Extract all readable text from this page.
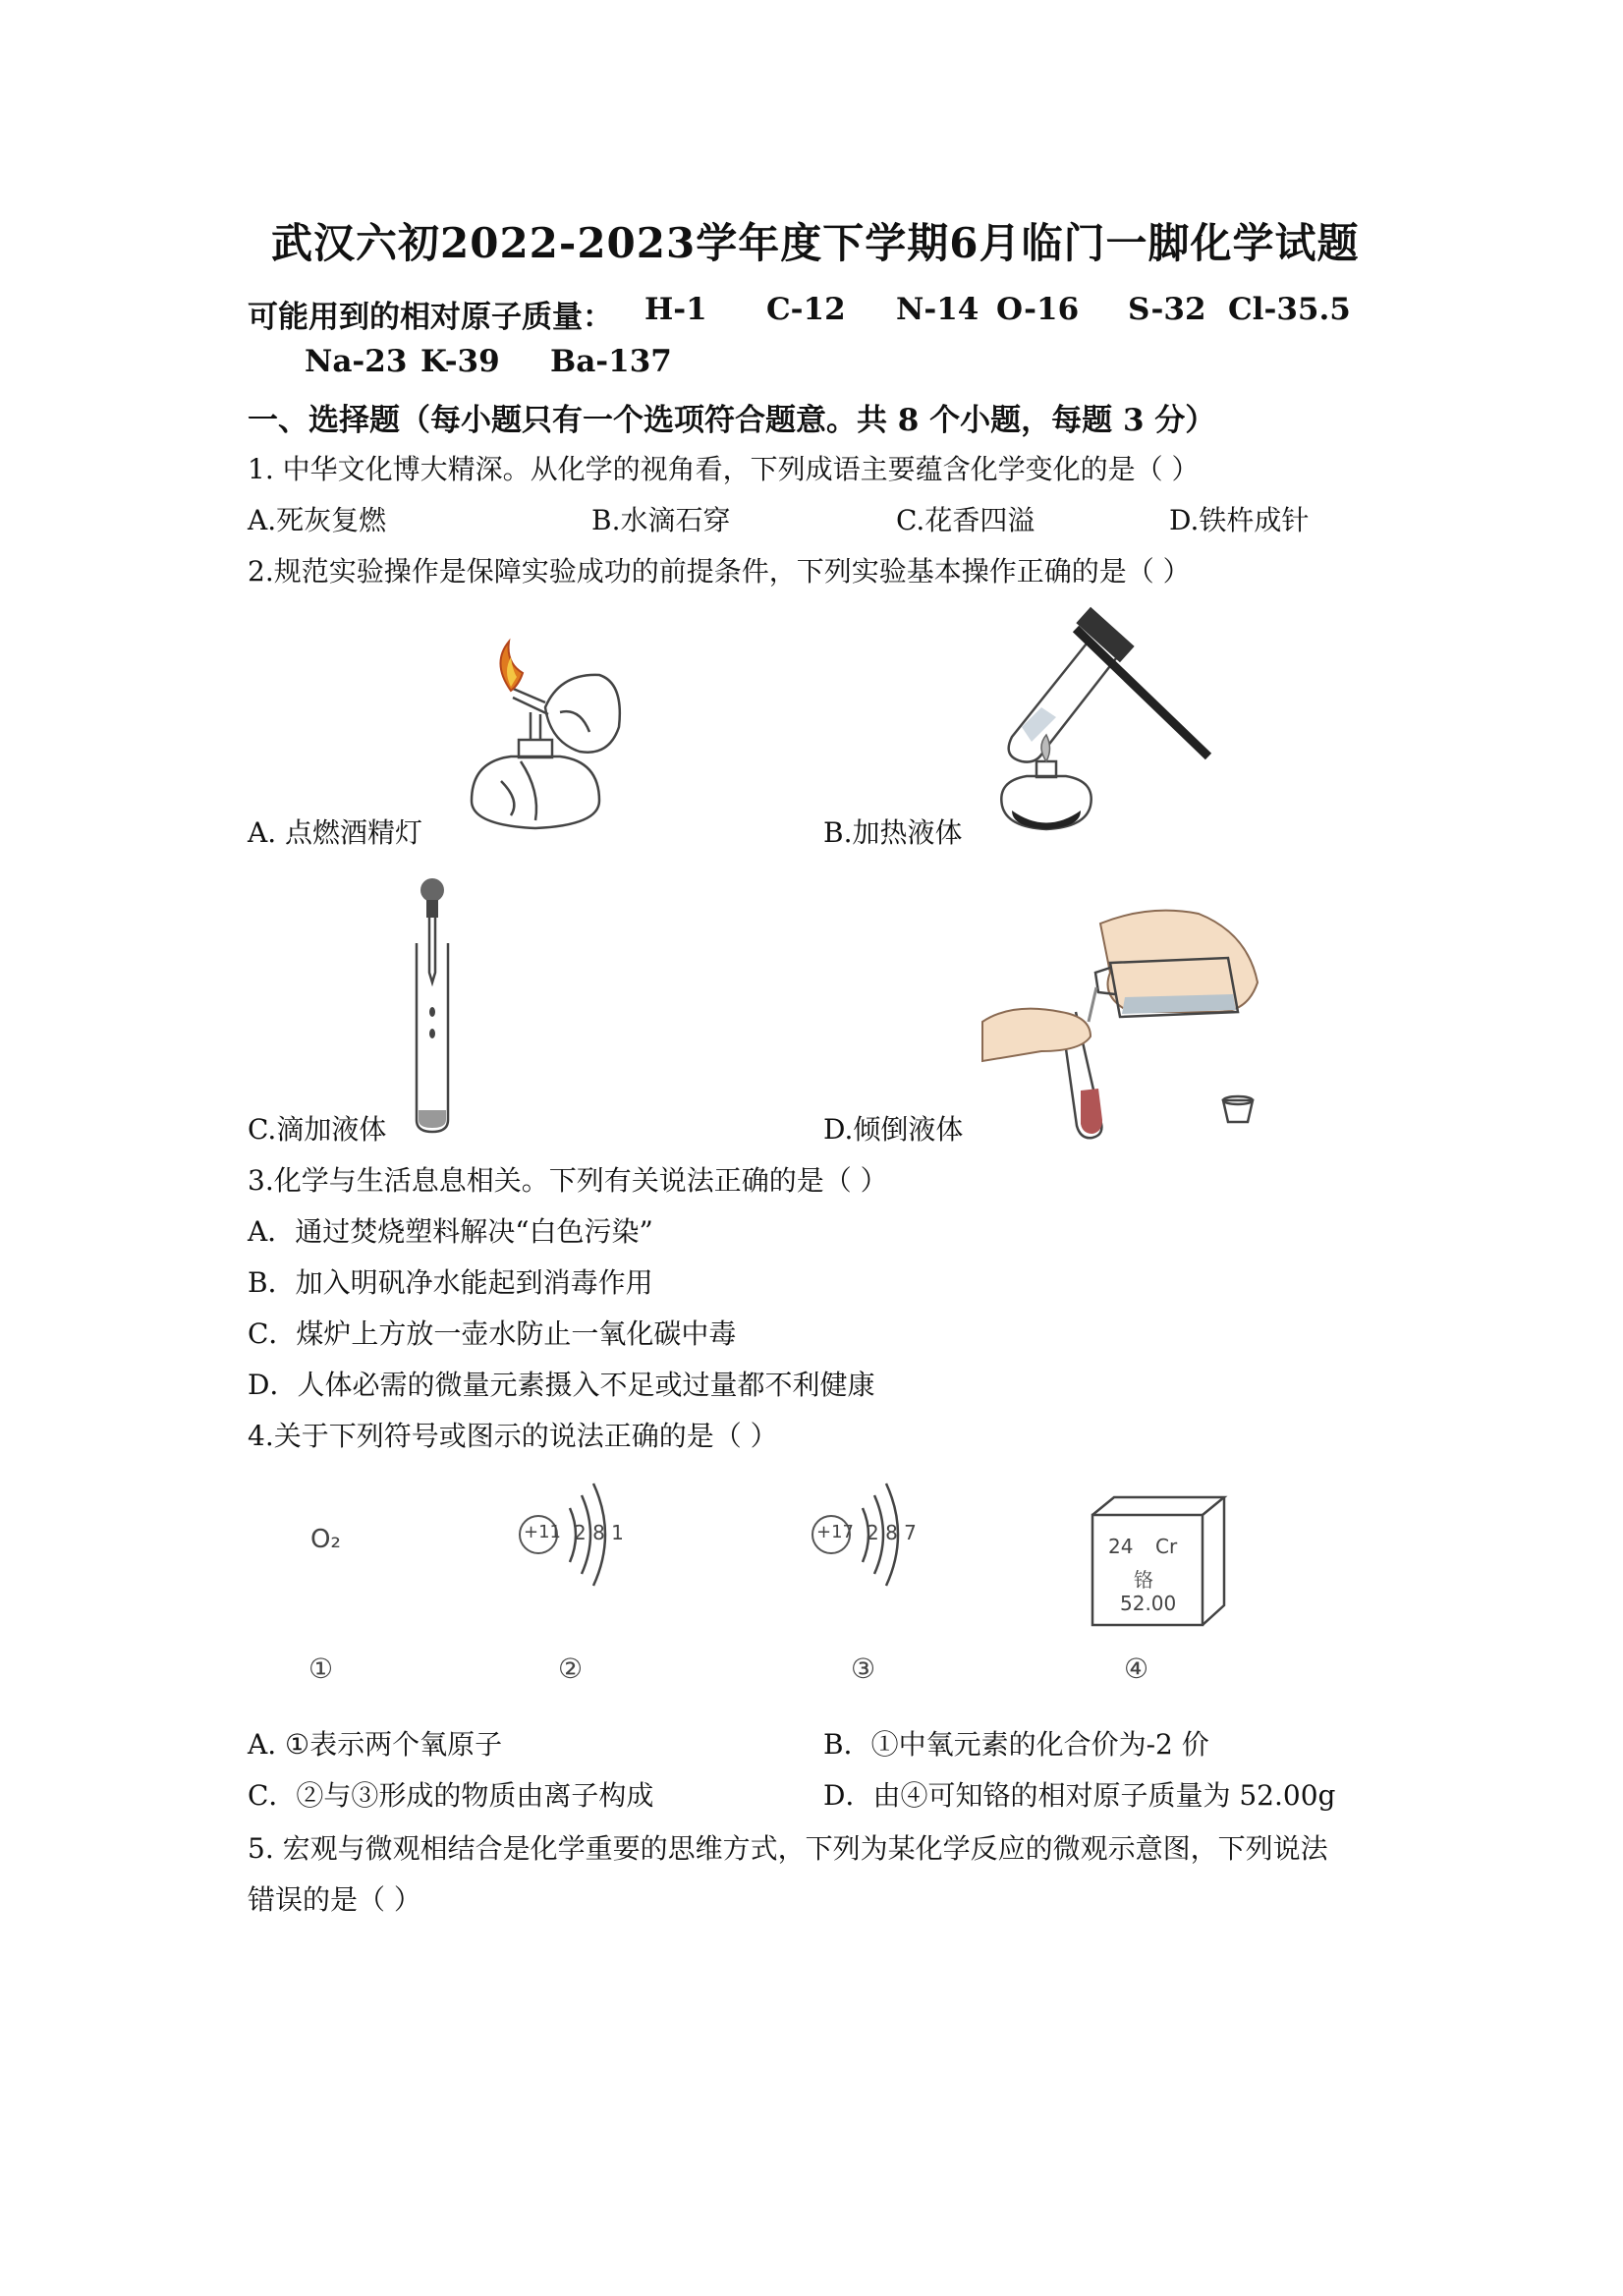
武汉六初2022-2023学年度下学期6月临门一脚化学试题
可能用到的相对原子质量： H-1 C-12 N-14 O-16 S-32 Cl-35.5
Na-23 K-39 Ba-137
一、选择题（每小题只有一个选项符合题意。共 8 个小题，每题 3 分）
1. 中华文化博大精深。从化学的视角看，下列成语主要蕴含化学变化的是（ ）
A.死灰复燃	B.水滴石穿	C.花香四溢	D.铁杵成针
2.规范实验操作是保障实验成功的前提条件，下列实验基本操作正确的是（ ）
A. 点燃酒精灯	B.加热液体
C.滴加液体	D.倾倒液体
3.化学与生活息息相关。下列有关说法正确的是（ ）
A．通过焚烧塑料解决“白色污染”
B．加入明矾净水能起到消毒作用
C．煤炉上方放一壶水防止一氧化碳中毒
D．人体必需的微量元素摄入不足或过量都不利健康
4.关于下列符号或图示的说法正确的是（ ）
O₂	+11 2 8 1	+17 2 8 7
24 Cr
铬
52.00
①	②	③	④
A. ①表示两个氧原子	B．①中氧元素的化合价为-2 价
C．②与③形成的物质由离子构成	D．由④可知铬的相对原子质量为 52.00g
5. 宏观与微观相结合是化学重要的思维方式，下列为某化学反应的微观示意图，下列说法
错误的是（ ）
